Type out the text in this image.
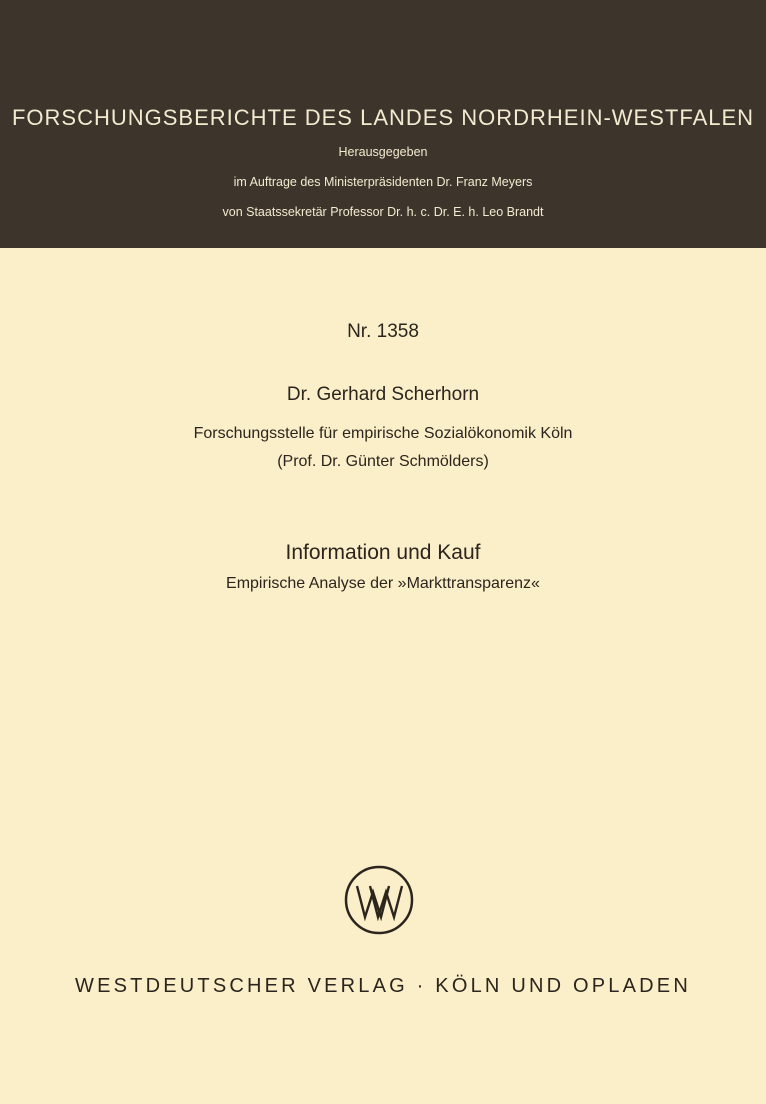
FORSCHUNGSBERICHTE DES LANDES NORDRHEIN-WESTFALEN
Herausgegeben
im Auftrage des Ministerpräsidenten Dr. Franz Meyers
von Staatssekretär Professor Dr. h. c. Dr. E. h. Leo Brandt
Nr. 1358
Dr. Gerhard Scherhorn
Forschungsstelle für empirische Sozialökonomik Köln
(Prof. Dr. Günter Schmölders)
Information und Kauf
Empirische Analyse der »Markttransparenz«
WESTDEUTSCHER VERLAG · KÖLN UND OPLADEN
